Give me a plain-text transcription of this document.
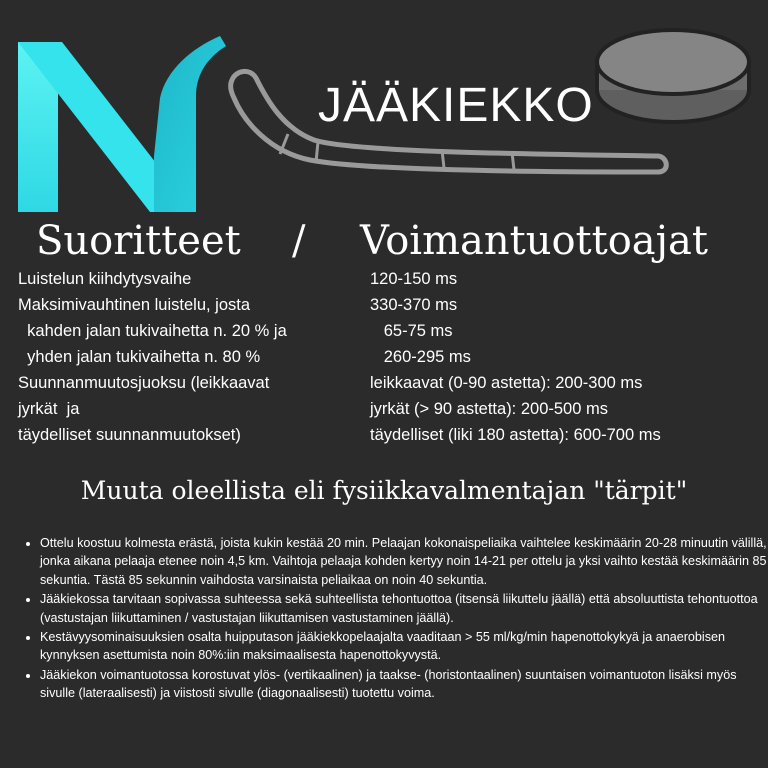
JÄÄKIEKKO
Suoritteet / Voimantuottoajat
Luistelun kiihdytysvaihe
Maksimivauhtinen luistelu, josta
kahden jalan tukivaihetta n. 20 % ja
yhden jalan tukivaihetta n. 80 %
Suunnanmuutosjuoksu (leikkaavat
jyrkät  ja
täydelliset suunnanmuutokset)
120-150 ms
330-370 ms
65-75 ms
260-295 ms
leikkaavat (0-90 astetta): 200-300 ms
jyrkät (> 90 astetta): 200-500 ms
täydelliset (liki 180 astetta): 600-700 ms
Muuta oleellista eli fysiikkavalmentajan "tärpit"
• Ottelu koostuu kolmesta erästä, joista kukin kestää 20 min. Pelaajan kokonaispeliaika vaihtelee keskimäärin 20-28 minuutin välillä, jonka aikana pelaaja etenee noin 4,5 km. Vaihtoja pelaaja kohden kertyy noin 14-21 per ottelu ja yksi vaihto kestää keskimäärin 85 sekuntia. Tästä 85 sekunnin vaihdosta varsinaista peliaikaa on noin 40 sekuntia.
• Jääkiekossa tarvitaan sopivassa suhteessa sekä suhteellista tehontuottoa (itsensä liikuttelu jäällä) että absoluuttista tehontuottoa (vastustajan liikuttaminen / vastustajan liikuttamisen vastustaminen jäällä).
• Kestävyysominaisuuksien osalta huipputason jääkiekkopelaajalta vaaditaan > 55 ml/kg/min hapenottokykyä ja anaerobisen kynnyksen asettumista noin 80%:iin maksimaalisesta hapenottokyvystä.
• Jääkiekon voimantuotossa korostuvat ylös- (vertikaalinen) ja taakse- (horistontaalinen) suuntaisen voimantuoton lisäksi myös sivulle (lateraalisesti) ja viistosti sivulle (diagonaalisesti) tuotettu voima.
